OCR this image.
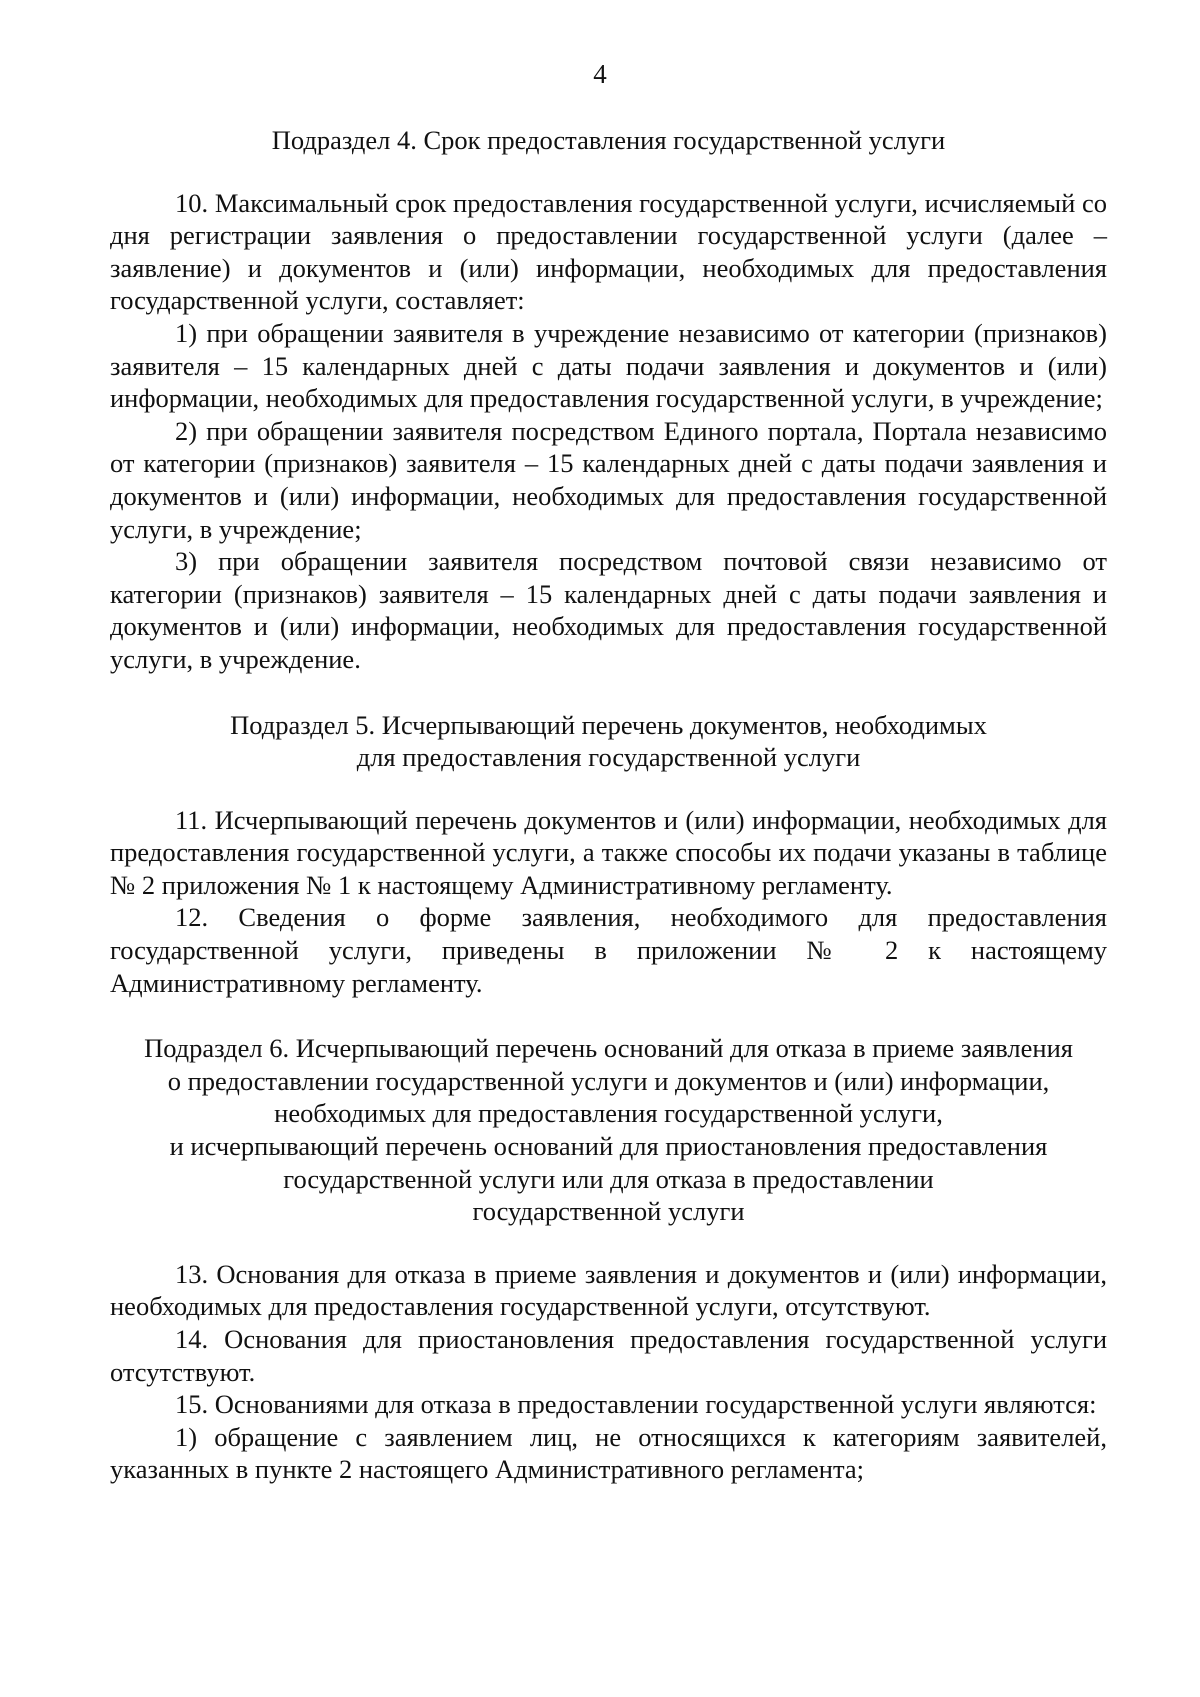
4
Подраздел 4. Срок предоставления государственной услуги

10. Максимальный срок предоставления государственной услуги, исчисляемый со дня регистрации заявления о предоставлении государственной услуги (далее – заявление) и документов и (или) информации, необходимых для предоставления государственной услуги, составляет:

1) при обращении заявителя в учреждение независимо от категории (признаков) заявителя – 15 календарных дней с даты подачи заявления и документов и (или) информации, необходимых для предоставления государственной услуги, в учреждение;

2) при обращении заявителя посредством Единого портала, Портала независимо от категории (признаков) заявителя – 15 календарных дней с даты подачи заявления и документов и (или) информации, необходимых для предоставления государственной услуги, в учреждение;

3) при обращении заявителя посредством почтовой связи независимо от категории (признаков) заявителя – 15 календарных дней с даты подачи заявления и документов и (или) информации, необходимых для предоставления государственной услуги, в учреждение.

Подраздел 5. Исчерпывающий перечень документов, необходимых
для предоставления государственной услуги

11. Исчерпывающий перечень документов и (или) информации, необходимых для предоставления государственной услуги, а также способы их подачи указаны в таблице № 2 приложения № 1 к настоящему Административному регламенту.

12. Сведения о форме заявления, необходимого для предоставления государственной услуги, приведены в приложении № 2 к настоящему Административному регламенту.

Подраздел 6. Исчерпывающий перечень оснований для отказа в приеме заявления
о предоставлении государственной услуги и документов и (или) информации,
необходимых для предоставления государственной услуги,
и исчерпывающий перечень оснований для приостановления предоставления
государственной услуги или для отказа в предоставлении
государственной услуги

13. Основания для отказа в приеме заявления и документов и (или) информации, необходимых для предоставления государственной услуги, отсутствуют.

14. Основания для приостановления предоставления государственной услуги отсутствуют.

15. Основаниями для отказа в предоставлении государственной услуги являются:

1) обращение с заявлением лиц, не относящихся к категориям заявителей, указанных в пункте 2 настоящего Административного регламента;
